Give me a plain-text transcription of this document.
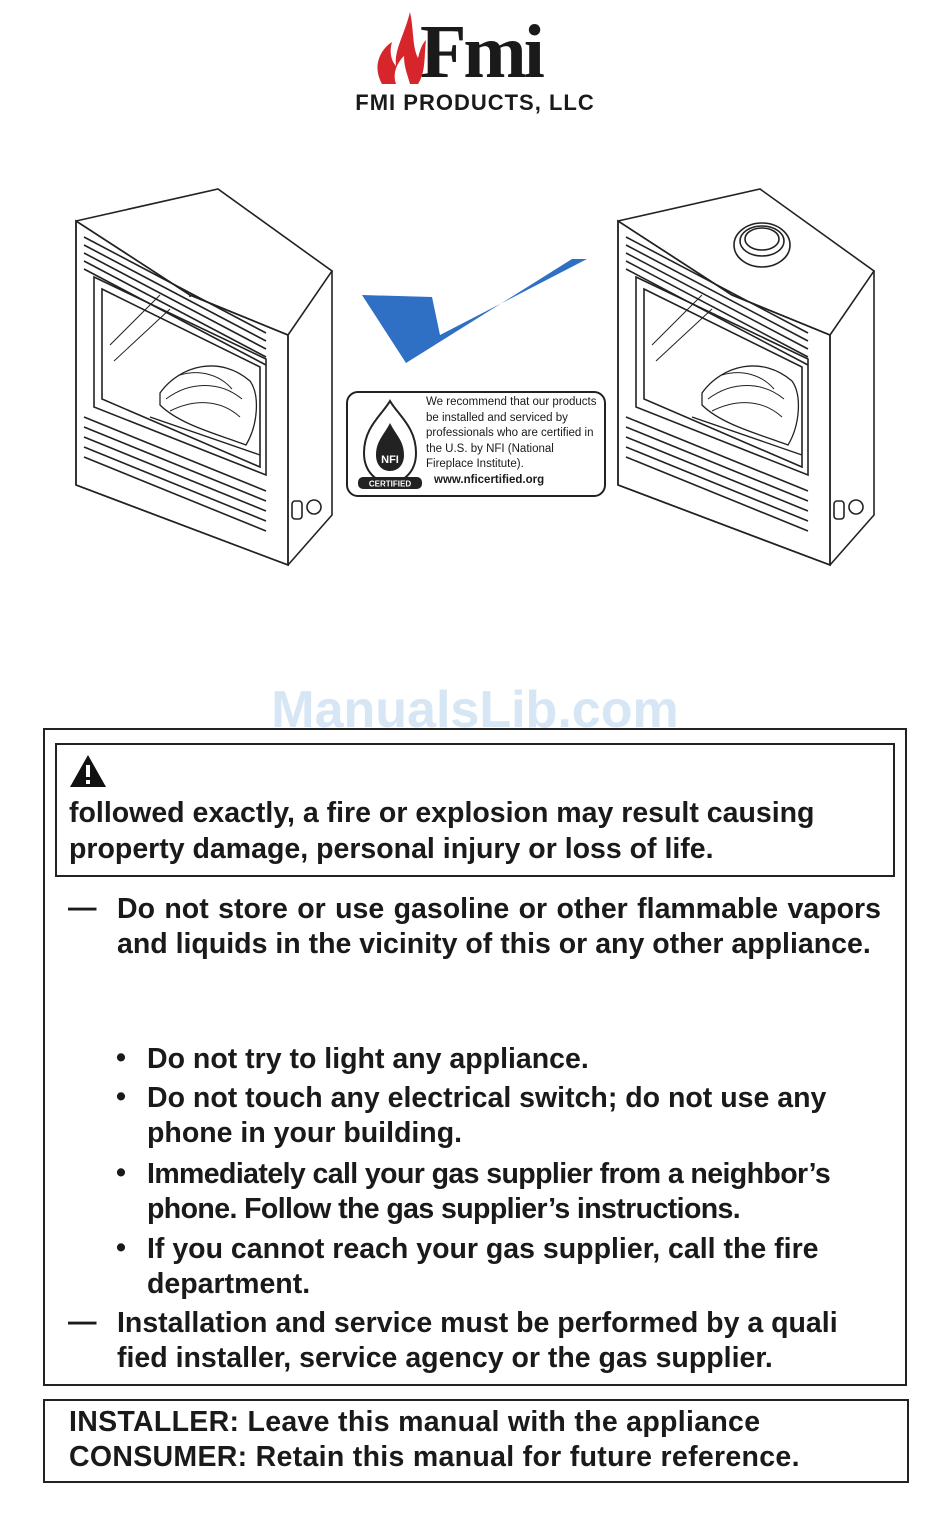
Fmi
FMI PRODUCTS, LLC
NFI
CERTIFIED
We recommend that our products be installed and serviced by professionals who are certified in the U.S. by NFI (National Fireplace Institute).
www.nficertified.org
ManualsLib.com
followed exactly, a fire or explosion may result causing property damage, personal injury or loss of life.
— Do not store or use gasoline or other flammable vapors and liquids in the vicinity of this or any other appliance.
• Do not try to light any appliance.
• Do not touch any electrical switch; do not use any phone in your building.
• Immediately call your gas supplier from a neighbor’s phone. Follow the gas supplier’s instructions.
• If you cannot reach your gas supplier, call the fire department.
— Installation and service must be performed by a quali fied installer, service agency or the gas supplier.
INSTALLER: Leave this manual with the appliance
CONSUMER: Retain this manual for future reference.
